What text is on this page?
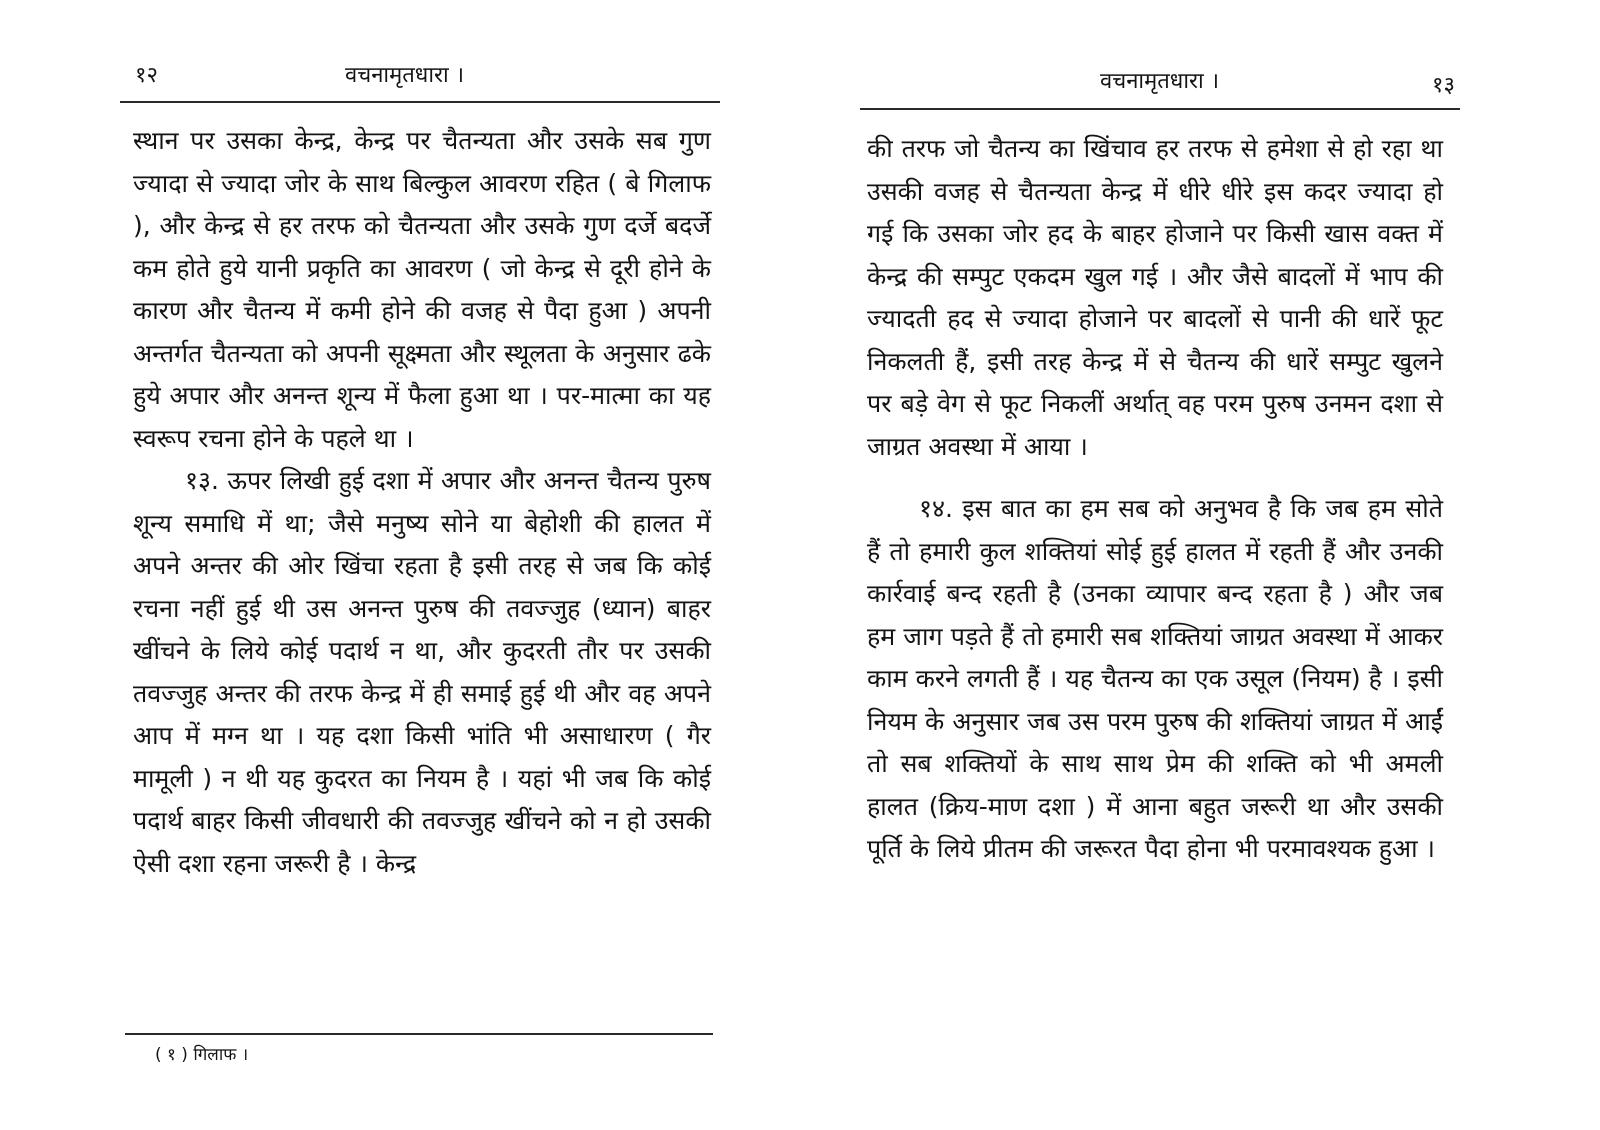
१२	वचनामृतधारा ।

स्थान पर उसका केन्द्र, केन्द्र पर चैतन्यता और उसके सब गुण ज्यादा से ज्यादा जोर के साथ बिल्कुल आवरण रहित ( बे गिलाफ ), और केन्द्र से हर तरफ को चैतन्यता और उसके गुण दर्जे बदर्जे कम होते हुये यानी प्रकृति का आवरण ( जो केन्द्र से दूरी होने के कारण और चैतन्य में कमी होने की वजह से पैदा हुआ ) अपनी अन्तर्गत चैतन्यता को अपनी सूक्ष्मता और स्थूलता के अनुसार ढके हुये अपार और अनन्त शून्य में फैला हुआ था । पर-मात्मा का यह स्वरूप रचना होने के पहले था ।

१३. ऊपर लिखी हुई दशा में अपार और अनन्त चैतन्य पुरुष शून्य समाधि में था; जैसे मनुष्य सोने या बेहोशी की हालत में अपने अन्तर की ओर खिंचा रहता है इसी तरह से जब कि कोई रचना नहीं हुई थी उस अनन्त पुरुष की तवज्जुह (ध्यान) बाहर खींचने के लिये कोई पदार्थ न था, और कुदरती तौर पर उसकी तवज्जुह अन्तर की तरफ केन्द्र में ही समाई हुई थी और वह अपने आप में मग्न था । यह दशा किसी भांति भी असाधारण ( गैर मामूली ) न थी यह कुदरत का नियम है । यहां भी जब कि कोई पदार्थ बाहर किसी जीवधारी की तवज्जुह खींचने को न हो उसकी ऐसी दशा रहना जरूरी है । केन्द्र

( १ ) गिलाफ ।
वचनामृतधारा ।	१३

की तरफ जो चैतन्य का खिंचाव हर तरफ से हमेशा से हो रहा था उसकी वजह से चैतन्यता केन्द्र में धीरे धीरे इस कदर ज्यादा हो गई कि उसका जोर हद के बाहर होजाने पर किसी खास वक्त में केन्द्र की सम्पुट एकदम खुल गई । और जैसे बादलों में भाप की ज्यादती हद से ज्यादा होजाने पर बादलों से पानी की धारें फूट निकलती हैं, इसी तरह केन्द्र में से चैतन्य की धारें सम्पुट खुलने पर बड़े वेग से फूट निकलीं अर्थात् वह परम पुरुष उनमन दशा से जाग्रत अवस्था में आया ।

१४. इस बात का हम सब को अनुभव है कि जब हम सोते हैं तो हमारी कुल शक्तियां सोई हुई हालत में रहती हैं और उनकी कार्रवाई बन्द रहती है (उनका व्यापार बन्द रहता है ) और जब हम जाग पड़ते हैं तो हमारी सब शक्तियां जाग्रत अवस्था में आकर काम करने लगती हैं । यह चैतन्य का एक उसूल (नियम) है । इसी नियम के अनुसार जब उस परम पुरुष की शक्तियां जाग्रत में आईं तो सब शक्तियों के साथ साथ प्रेम की शक्ति को भी अमली हालत (क्रिय-माण दशा ) में आना बहुत जरूरी था और उसकी पूर्ति के लिये प्रीतम की जरूरत पैदा होना भी परमावश्यक हुआ ।
